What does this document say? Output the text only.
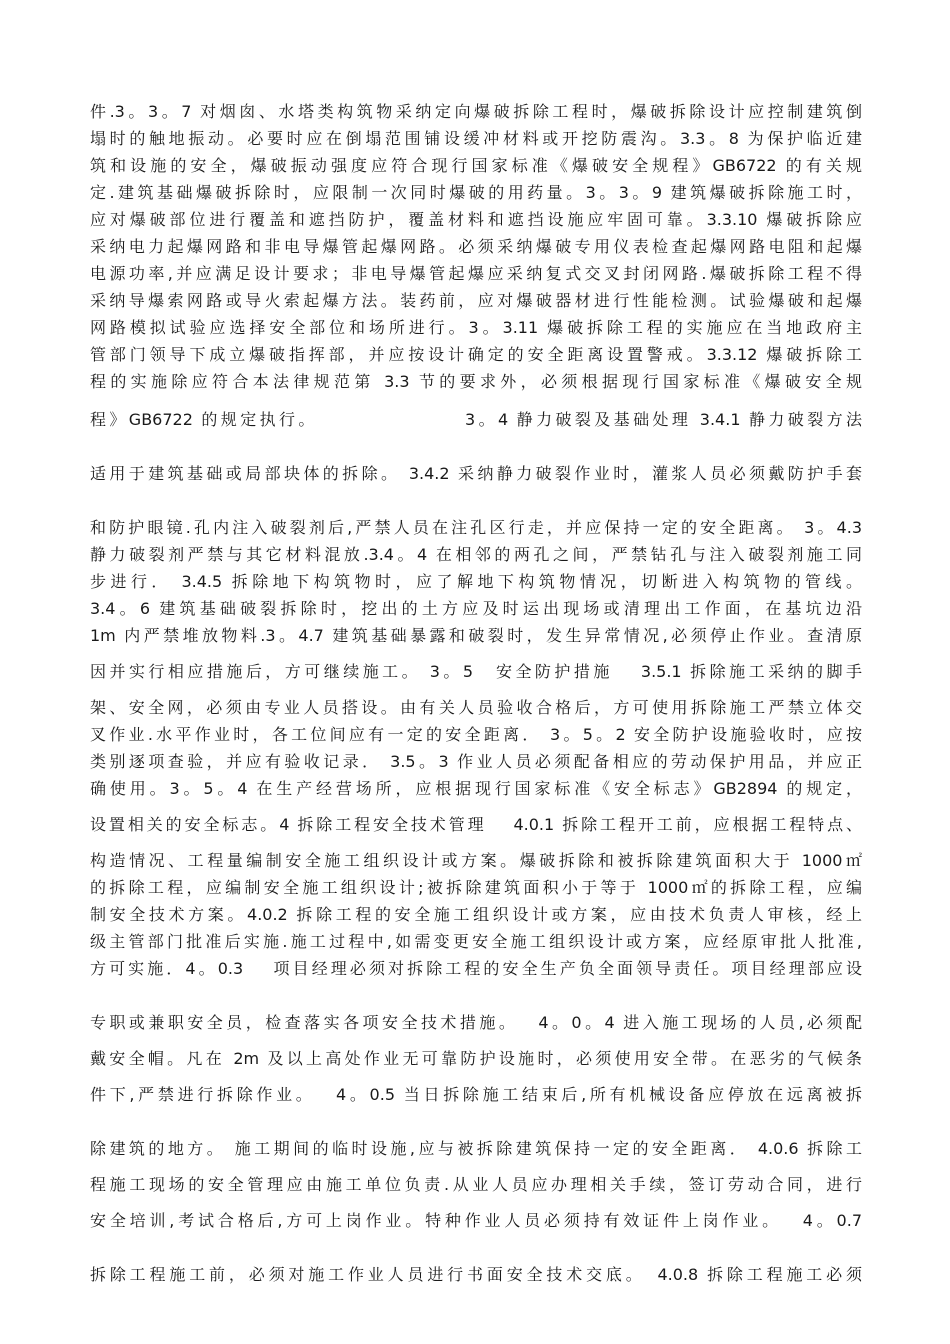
件.3。3。7 对烟囱、水塔类构筑物采纳定向爆破拆除工程时，爆破拆除设计应控制建筑倒
塌时的触地振动。必要时应在倒塌范围铺设缓冲材料或开挖防震沟。3.3。8 为保护临近建
筑和设施的安全，爆破振动强度应符合现行国家标准《爆破安全规程》GB6722 的有关规
定.建筑基础爆破拆除时，应限制一次同时爆破的用药量。3。3。9 建筑爆破拆除施工时，
应对爆破部位进行覆盖和遮挡防护，覆盖材料和遮挡设施应牢固可靠。3.3.10 爆破拆除应
采纳电力起爆网路和非电导爆管起爆网路。必须采纳爆破专用仪表检查起爆网路电阻和起爆
电源功率,并应满足设计要求；非电导爆管起爆应采纳复式交叉封闭网路.爆破拆除工程不得
采纳导爆索网路或导火索起爆方法。装药前，应对爆破器材进行性能检测。试验爆破和起爆
网路模拟试验应选择安全部位和场所进行。3。3.11 爆破拆除工程的实施应在当地政府主
管部门领导下成立爆破指挥部，并应按设计确定的安全距离设置警戒。3.3.12 爆破拆除工
程的实施除应符合本法律规范第 3.3 节的要求外，必须根据现行国家标准《爆破安全规
程》GB6722 的规定执行。　　　　　　　　3。4 静力破裂及基础处理 3.4.1 静力破裂方法
适用于建筑基础或局部块体的拆除。 3.4.2 采纳静力破裂作业时，灌浆人员必须戴防护手套
和防护眼镜.孔内注入破裂剂后,严禁人员在注孔区行走，并应保持一定的安全距离。 3。4.3
静力破裂剂严禁与其它材料混放.3.4。4 在相邻的两孔之间，严禁钻孔与注入破裂剂施工同
步进行． 3.4.5 拆除地下构筑物时，应了解地下构筑物情况，切断进入构筑物的管线。
3.4。6 建筑基础破裂拆除时，挖出的土方应及时运出现场或清理出工作面，在基坑边沿
1m 内严禁堆放物料.3。4.7 建筑基础暴露和破裂时，发生异常情况,必须停止作业。查清原
因并实行相应措施后，方可继续施工。 3。5　安全防护措施　 3.5.1 拆除施工采纳的脚手
架、安全网，必须由专业人员搭设。由有关人员验收合格后，方可使用拆除施工严禁立体交
叉作业.水平作业时，各工位间应有一定的安全距离． 3。5。2 安全防护设施验收时，应按
类别逐项查验，并应有验收记录． 3.5。3 作业人员必须配备相应的劳动保护用品，并应正
确使用。3。5。4 在生产经营场所，应根据现行国家标准《安全标志》GB2894 的规定，
设置相关的安全标志。4 拆除工程安全技术管理　 4.0.1 拆除工程开工前，应根据工程特点、
构造情况、工程量编制安全施工组织设计或方案。爆破拆除和被拆除建筑面积大于 1000㎡
的拆除工程，应编制安全施工组织设计;被拆除建筑面积小于等于 1000㎡的拆除工程，应编
制安全技术方案。4.0.2 拆除工程的安全施工组织设计或方案，应由技术负责人审核，经上
级主管部门批准后实施.施工过程中,如需变更安全施工组织设计或方案，应经原审批人批准,
方可实施．4。0.3　 项目经理必须对拆除工程的安全生产负全面领导责任。项目经理部应设
专职或兼职安全员，检查落实各项安全技术措施。　 4。0。4 进入施工现场的人员,必须配
戴安全帽。凡在 2m 及以上高处作业无可靠防护设施时，必须使用安全带。在恶劣的气候条
件下,严禁进行拆除作业。　 4。0.5 当日拆除施工结束后,所有机械设备应停放在远离被拆
除建筑的地方。 施工期间的临时设施,应与被拆除建筑保持一定的安全距离． 4.0.6 拆除工
程施工现场的安全管理应由施工单位负责.从业人员应办理相关手续，签订劳动合同，进行
安全培训,考试合格后,方可上岗作业。特种作业人员必须持有效证件上岗作业。　 4。0.7
拆除工程施工前，必须对施工作业人员进行书面安全技术交底。　4.0.8 拆除工程施工必须
